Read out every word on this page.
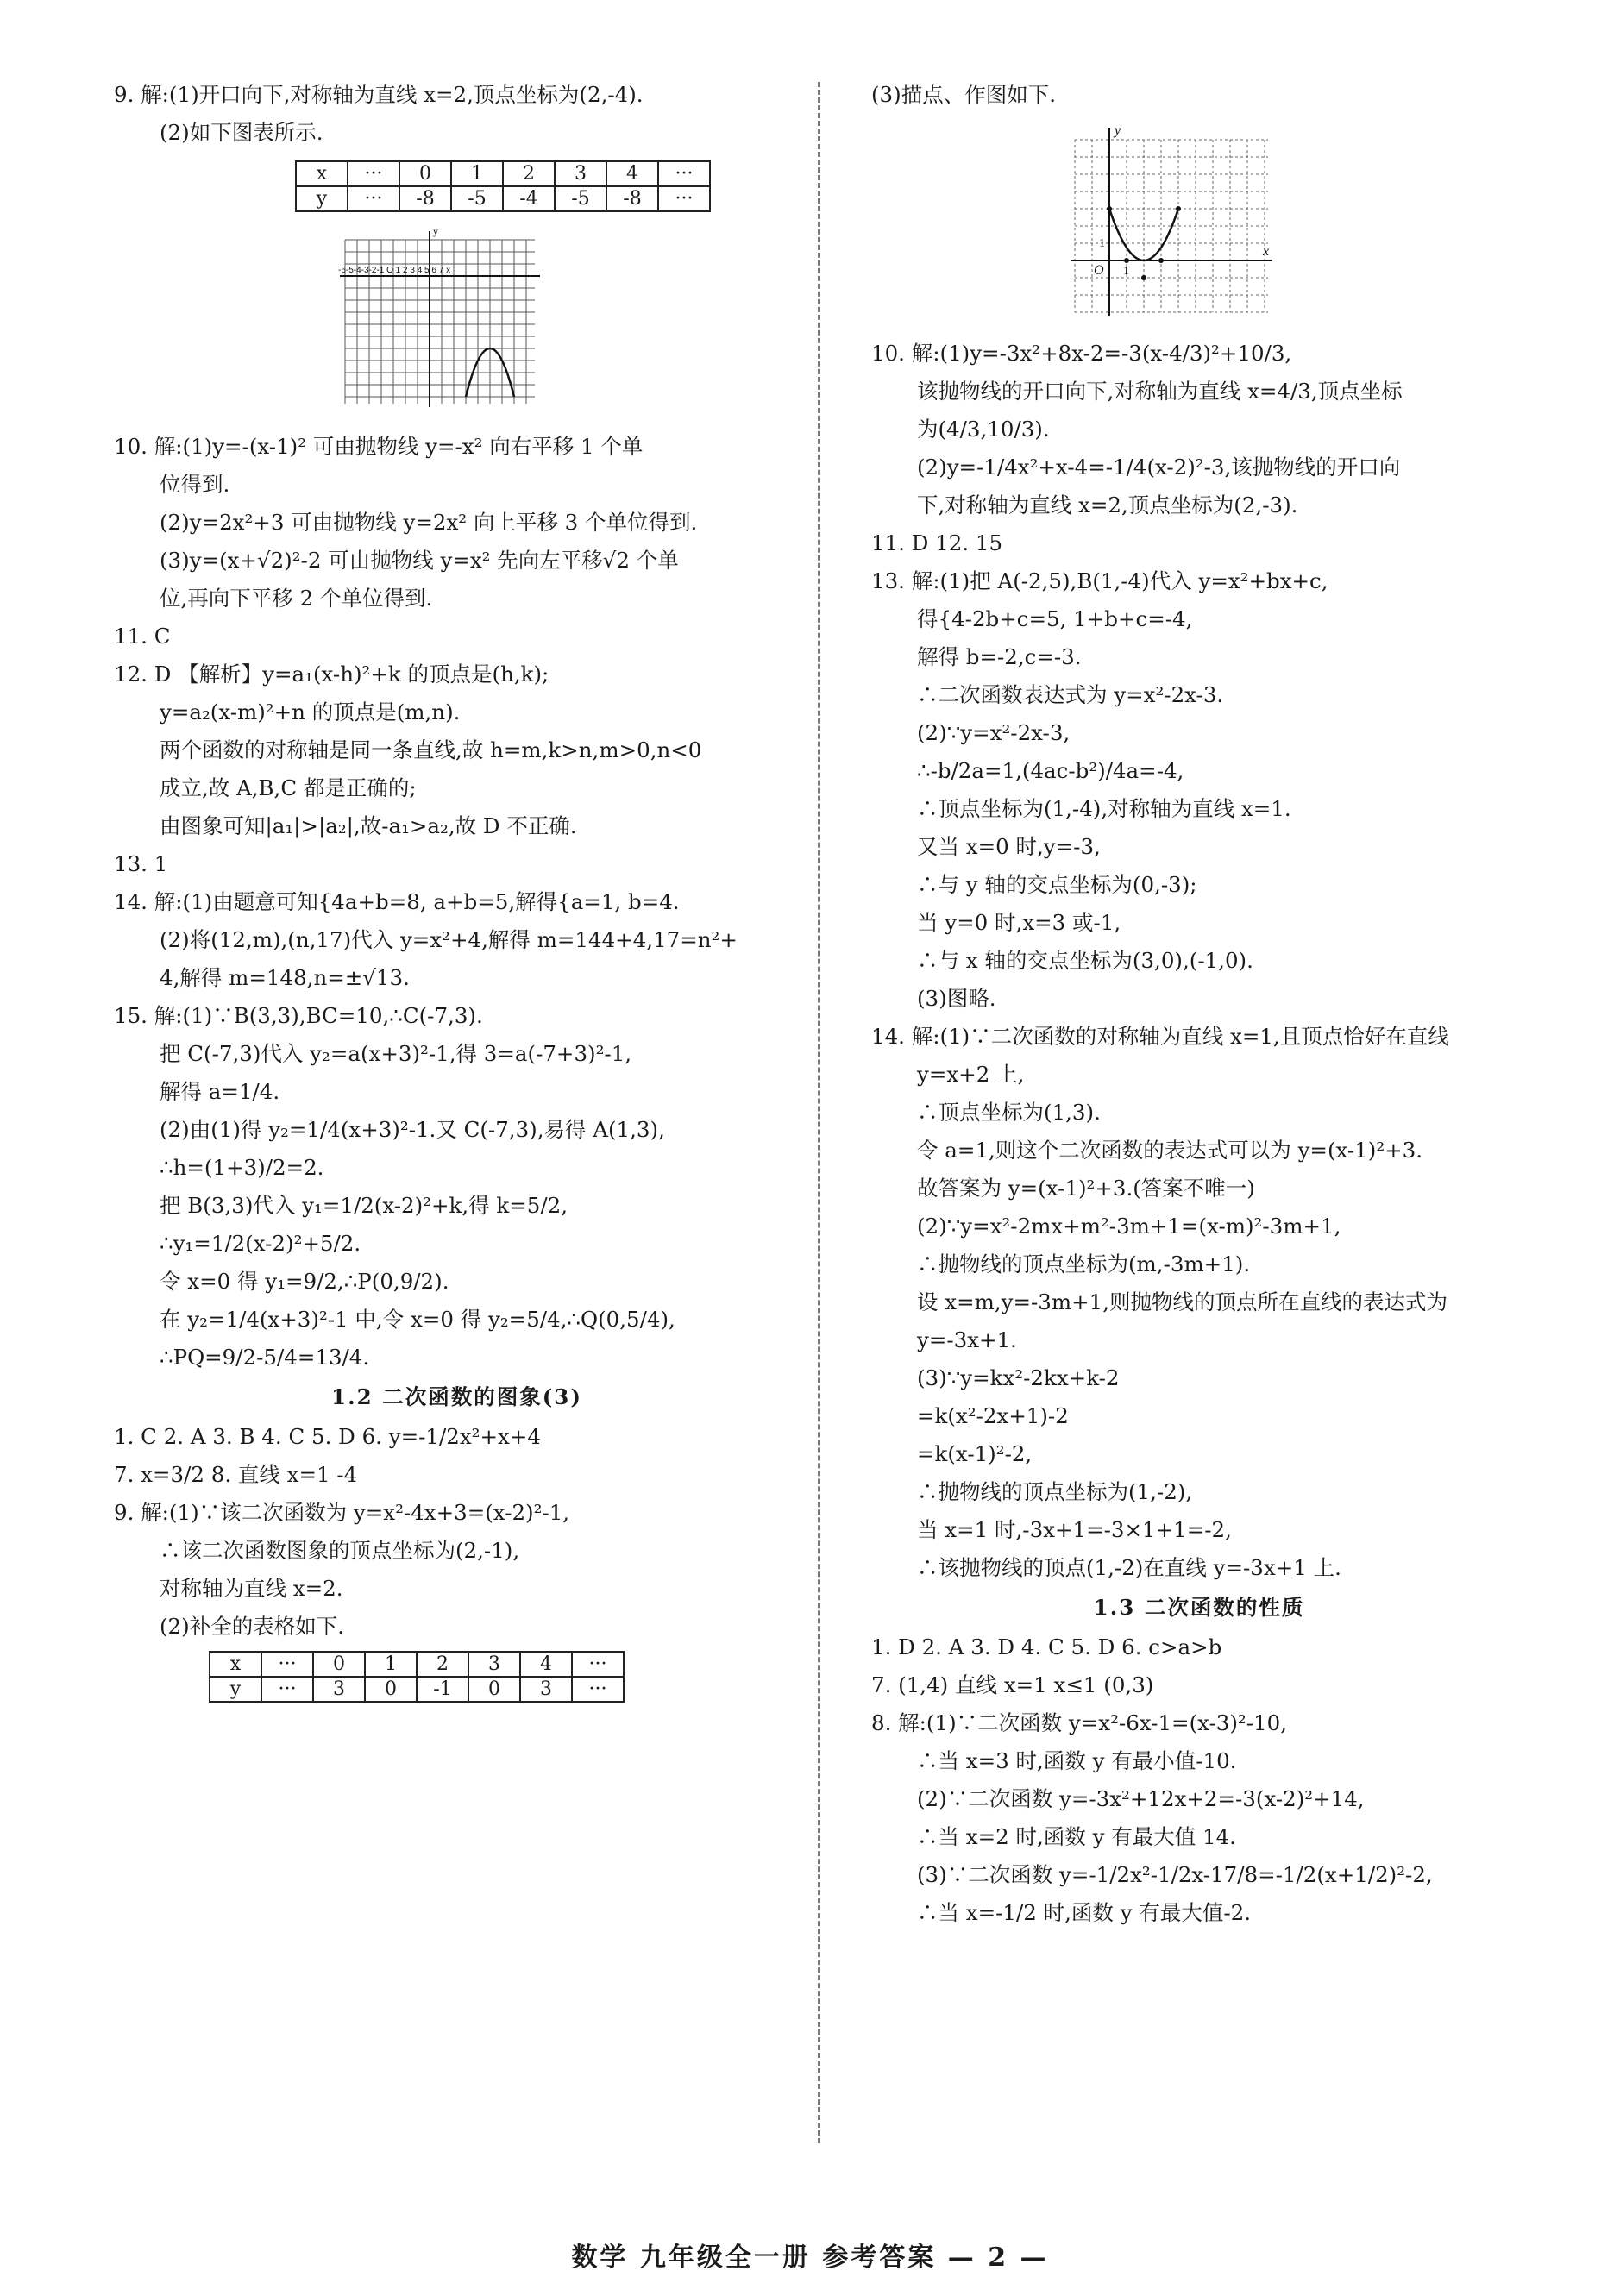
9. 解:(1)开口向下,对称轴为直线 x=2,顶点坐标为(2,-4).
(2)如下图表所示.
x	···	0	1	2	3	4	···
y	···	-8	-5	-4	-5	-8	···
-6-5-4-3-2-1 O 1 2 3 4 5 6 7 x
y
10. 解:(1)y=-(x-1)² 可由抛物线 y=-x² 向右平移 1 个单
位得到.
(2)y=2x²+3 可由抛物线 y=2x² 向上平移 3 个单位得到.
(3)y=(x+√2)²-2 可由抛物线 y=x² 先向左平移√2 个单
位,再向下平移 2 个单位得到.
11. C
12. D 【解析】y=a₁(x-h)²+k 的顶点是(h,k);
y=a₂(x-m)²+n 的顶点是(m,n).
两个函数的对称轴是同一条直线,故 h=m,k>n,m>0,n<0
成立,故 A,B,C 都是正确的;
由图象可知|a₁|>|a₂|,故-a₁>a₂,故 D 不正确.
13. 1
14. 解:(1)由题意可知{4a+b=8, a+b=5,解得{a=1, b=4.
(2)将(12,m),(n,17)代入 y=x²+4,解得 m=144+4,17=n²+
4,解得 m=148,n=±√13.
15. 解:(1)∵B(3,3),BC=10,∴C(-7,3).
把 C(-7,3)代入 y₂=a(x+3)²-1,得 3=a(-7+3)²-1,
解得 a=1/4.
(2)由(1)得 y₂=1/4(x+3)²-1.又 C(-7,3),易得 A(1,3),
∴h=(1+3)/2=2.
把 B(3,3)代入 y₁=1/2(x-2)²+k,得 k=5/2,
∴y₁=1/2(x-2)²+5/2.
令 x=0 得 y₁=9/2,∴P(0,9/2).
在 y₂=1/4(x+3)²-1 中,令 x=0 得 y₂=5/4,∴Q(0,5/4),
∴PQ=9/2-5/4=13/4.
1.2 二次函数的图象(3)
1. C 2. A 3. B 4. C 5. D 6. y=-1/2x²+x+4
7. x=3/2 8. 直线 x=1 -4
9. 解:(1)∵该二次函数为 y=x²-4x+3=(x-2)²-1,
∴该二次函数图象的顶点坐标为(2,-1),
对称轴为直线 x=2.
(2)补全的表格如下.
x	···	0	1	2	3	4	···
y	···	3	0	-1	0	3	···
(3)描点、作图如下.
y
x
O 1
1
10. 解:(1)y=-3x²+8x-2=-3(x-4/3)²+10/3,
该抛物线的开口向下,对称轴为直线 x=4/3,顶点坐标
为(4/3,10/3).
(2)y=-1/4x²+x-4=-1/4(x-2)²-3,该抛物线的开口向
下,对称轴为直线 x=2,顶点坐标为(2,-3).
11. D 12. 15
13. 解:(1)把 A(-2,5),B(1,-4)代入 y=x²+bx+c,
得{4-2b+c=5, 1+b+c=-4,
解得 b=-2,c=-3.
∴二次函数表达式为 y=x²-2x-3.
(2)∵y=x²-2x-3,
∴-b/2a=1,(4ac-b²)/4a=-4,
∴顶点坐标为(1,-4),对称轴为直线 x=1.
又当 x=0 时,y=-3,
∴与 y 轴的交点坐标为(0,-3);
当 y=0 时,x=3 或-1,
∴与 x 轴的交点坐标为(3,0),(-1,0).
(3)图略.
14. 解:(1)∵二次函数的对称轴为直线 x=1,且顶点恰好在直线
y=x+2 上,
∴顶点坐标为(1,3).
令 a=1,则这个二次函数的表达式可以为 y=(x-1)²+3.
故答案为 y=(x-1)²+3.(答案不唯一)
(2)∵y=x²-2mx+m²-3m+1=(x-m)²-3m+1,
∴抛物线的顶点坐标为(m,-3m+1).
设 x=m,y=-3m+1,则抛物线的顶点所在直线的表达式为
y=-3x+1.
(3)∵y=kx²-2kx+k-2
=k(x²-2x+1)-2
=k(x-1)²-2,
∴抛物线的顶点坐标为(1,-2),
当 x=1 时,-3x+1=-3×1+1=-2,
∴该抛物线的顶点(1,-2)在直线 y=-3x+1 上.
1.3 二次函数的性质
1. D 2. A 3. D 4. C 5. D 6. c>a>b
7. (1,4) 直线 x=1 x≤1 (0,3)
8. 解:(1)∵二次函数 y=x²-6x-1=(x-3)²-10,
∴当 x=3 时,函数 y 有最小值-10.
(2)∵二次函数 y=-3x²+12x+2=-3(x-2)²+14,
∴当 x=2 时,函数 y 有最大值 14.
(3)∵二次函数 y=-1/2x²-1/2x-17/8=-1/2(x+1/2)²-2,
∴当 x=-1/2 时,函数 y 有最大值-2.
数学 九年级全一册 参考答案 — 2 —
